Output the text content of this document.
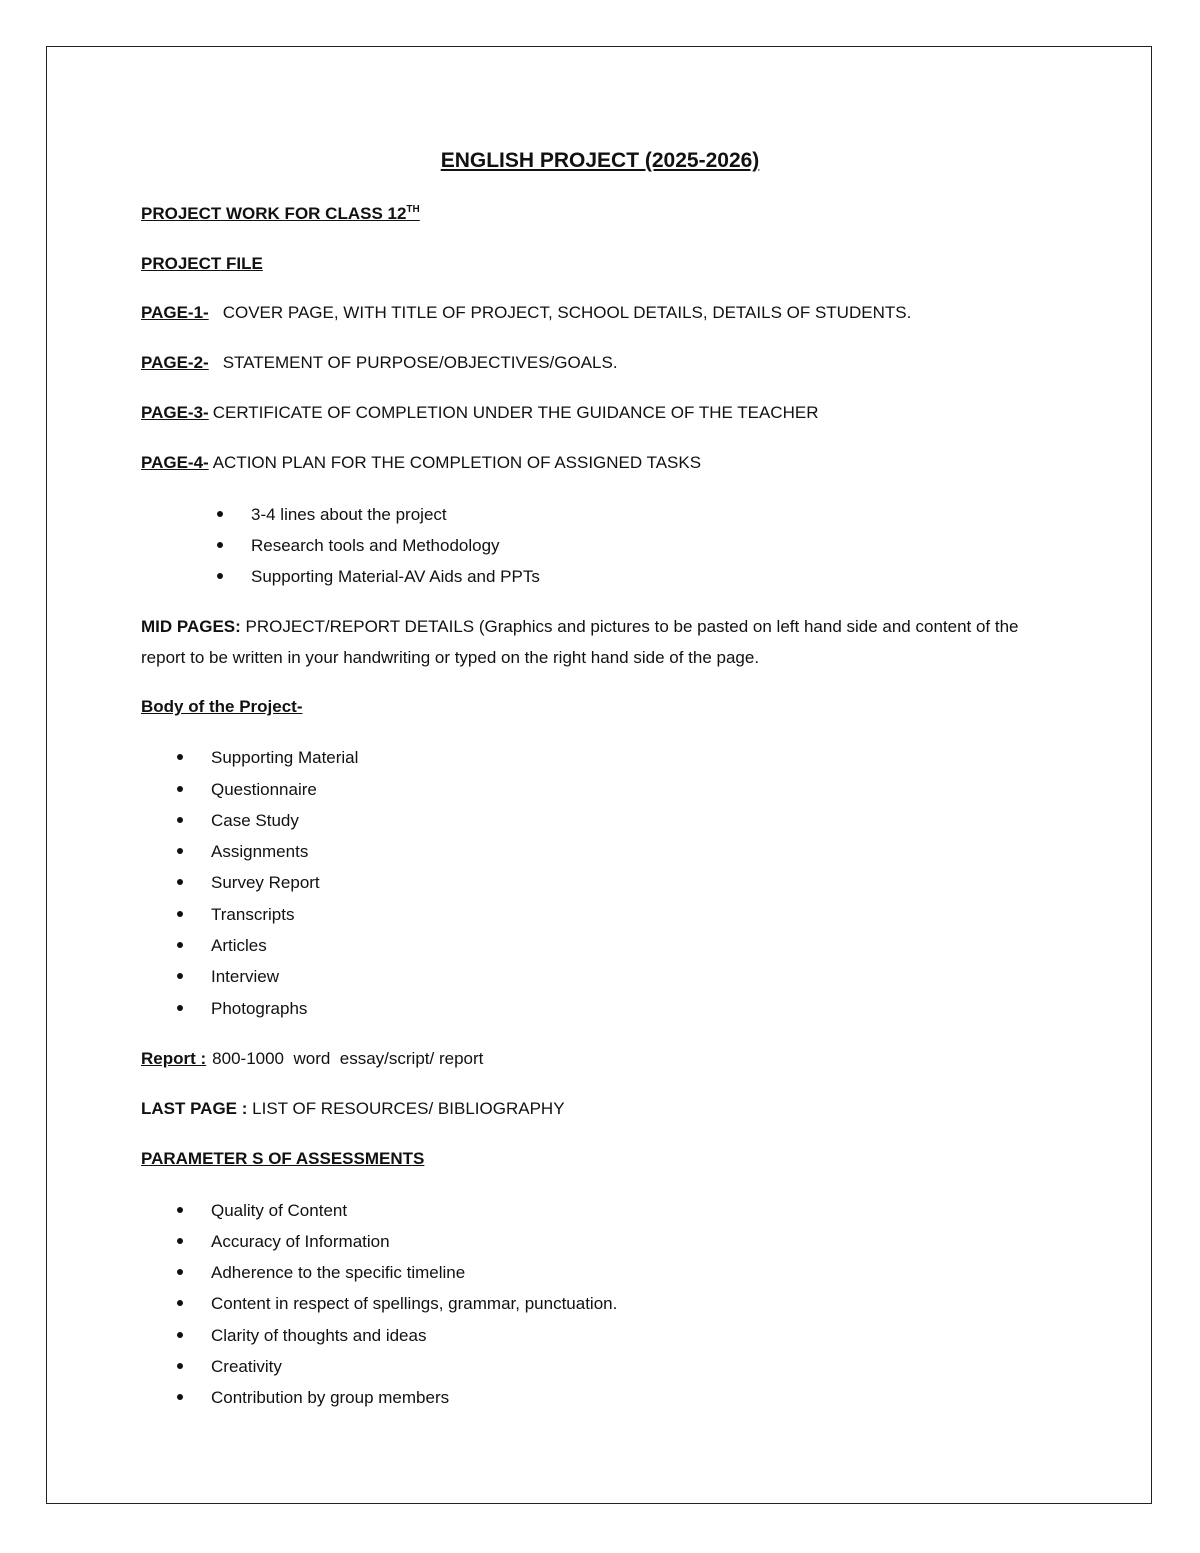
ENGLISH PROJECT (2025-2026)
PROJECT WORK FOR CLASS 12TH
PROJECT FILE
PAGE-1- COVER PAGE, WITH TITLE OF PROJECT, SCHOOL DETAILS, DETAILS OF STUDENTS.
PAGE-2- STATEMENT OF PURPOSE/OBJECTIVES/GOALS.
PAGE-3- CERTIFICATE OF COMPLETION UNDER THE GUIDANCE OF THE TEACHER
PAGE-4- ACTION PLAN FOR THE COMPLETION OF ASSIGNED TASKS
3-4 lines about the project
Research tools and Methodology
Supporting Material-AV Aids and PPTs
MID PAGES: PROJECT/REPORT DETAILS (Graphics and pictures to be pasted on left hand side and content of the report to be written in your handwriting or typed on the right hand side of the page.
Body of the Project-
Supporting Material
Questionnaire
Case Study
Assignments
Survey Report
Transcripts
Articles
Interview
Photographs
Report : 800-1000  word  essay/script/ report
LAST PAGE : LIST OF RESOURCES/ BIBLIOGRAPHY
PARAMETER S OF ASSESSMENTS
Quality of Content
Accuracy of Information
Adherence to the specific timeline
Content in respect of spellings, grammar, punctuation.
Clarity of thoughts and ideas
Creativity
Contribution by group members
